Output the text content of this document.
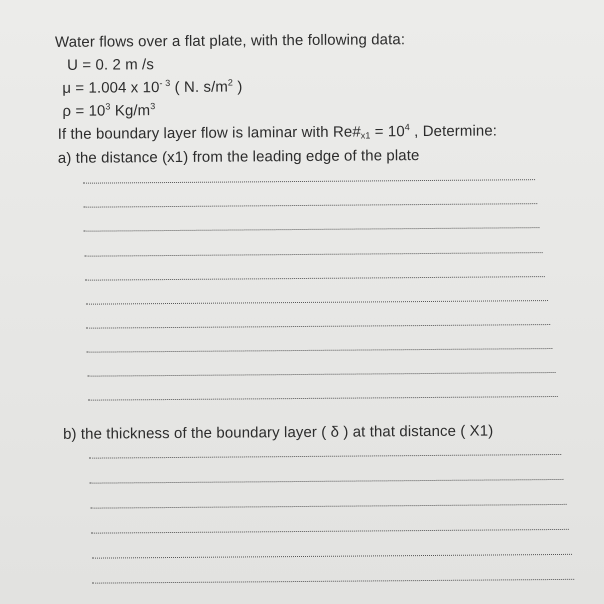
Water flows over a flat plate, with the following data:
U = 0. 2 m /s
μ = 1.004 x $10^{- 3}$ ( N. $s/m^2$ )
$\rho = 10^3$ $Kg/m^3$
If the boundary layer flow is laminar with $Re\#_{x1} = 10^4$ , Determine:
a) the distance (x1) from the leading edge of the plate
b) the thickness of the boundary layer ( δ ) at that distance ( X1)
